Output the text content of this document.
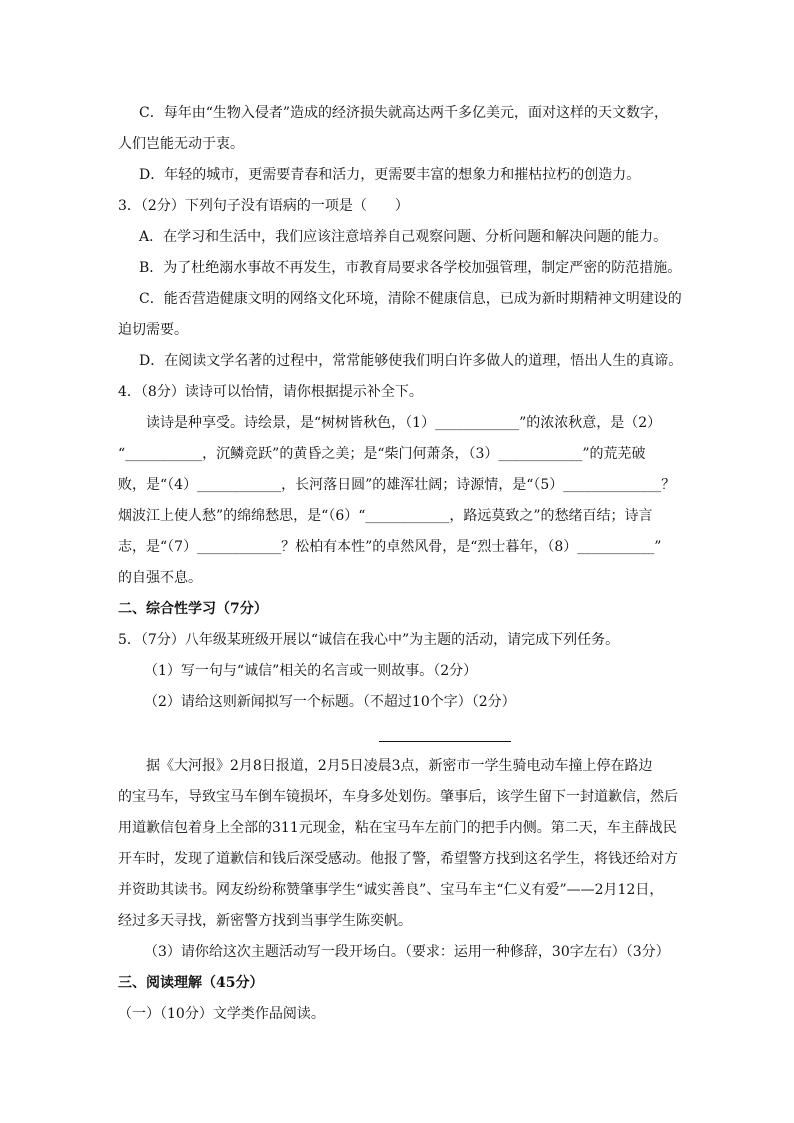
C．每年由“生物入侵者”造成的经济损失就高达两千多亿美元，面对这样的天文数字，
人们岂能无动于衷。
D．年轻的城市，更需要青春和活力，更需要丰富的想象力和摧枯拉朽的创造力。
3．（2分）下列句子没有语病的一项是（　　）
A．在学习和生活中，我们应该注意培养自己观察问题、分析问题和解决问题的能力。
B．为了杜绝溺水事故不再发生，市教育局要求各学校加强管理，制定严密的防范措施。
C．能否营造健康文明的网络文化环境，清除不健康信息，已成为新时期精神文明建设的
迫切需要。
D．在阅读文学名著的过程中，常常能够使我们明白许多做人的道理，悟出人生的真谛。
4．（8分）读诗可以怡情，请你根据提示补全下。
读诗是种享受。诗绘景，是“树树皆秋色，（1）____________”的浓浓秋意，是（2）
“___________，沉鳞竞跃”的黄昏之美；是“柴门何萧条，（3）____________”的荒芜破
败，是“（4）____________，长河落日圆”的雄浑壮阔；诗源情，是“（5）______________？
烟波江上使人愁”的绵绵愁思，是“（6）“____________，路远莫致之”的愁绪百结；诗言
志，是“（7）____________？松柏有本性”的卓然风骨，是“烈士暮年，（8）___________”
的自强不息。
二、综合性学习（7分）
5．（7分）八年级某班级开展以“诚信在我心中”为主题的活动，请完成下列任务。
（1）写一句与“诚信”相关的名言或一则故事。（2分）
（2）请给这则新闻拟写一个标题。（不超过10个字）（2分）
据《大河报》2月8日报道，2月5日凌晨3点，新密市一学生骑电动车撞上停在路边
的宝马车，导致宝马车倒车镜损坏，车身多处划伤。肇事后，该学生留下一封道歉信，然后
用道歉信包着身上全部的311元现金，粘在宝马车左前门的把手内侧。第二天，车主薛战民
开车时，发现了道歉信和钱后深受感动。他报了警，希望警方找到这名学生，将钱还给对方
并资助其读书。网友纷纷称赞肇事学生“诚实善良”、宝马车主“仁义有爱”——2月12日，
经过多天寻找，新密警方找到当事学生陈奕帆。
（3）请你给这次主题活动写一段开场白。（要求：运用一种修辞，30字左右）（3分）
三、阅读理解（45分）
（一）（10分）文学类作品阅读。
